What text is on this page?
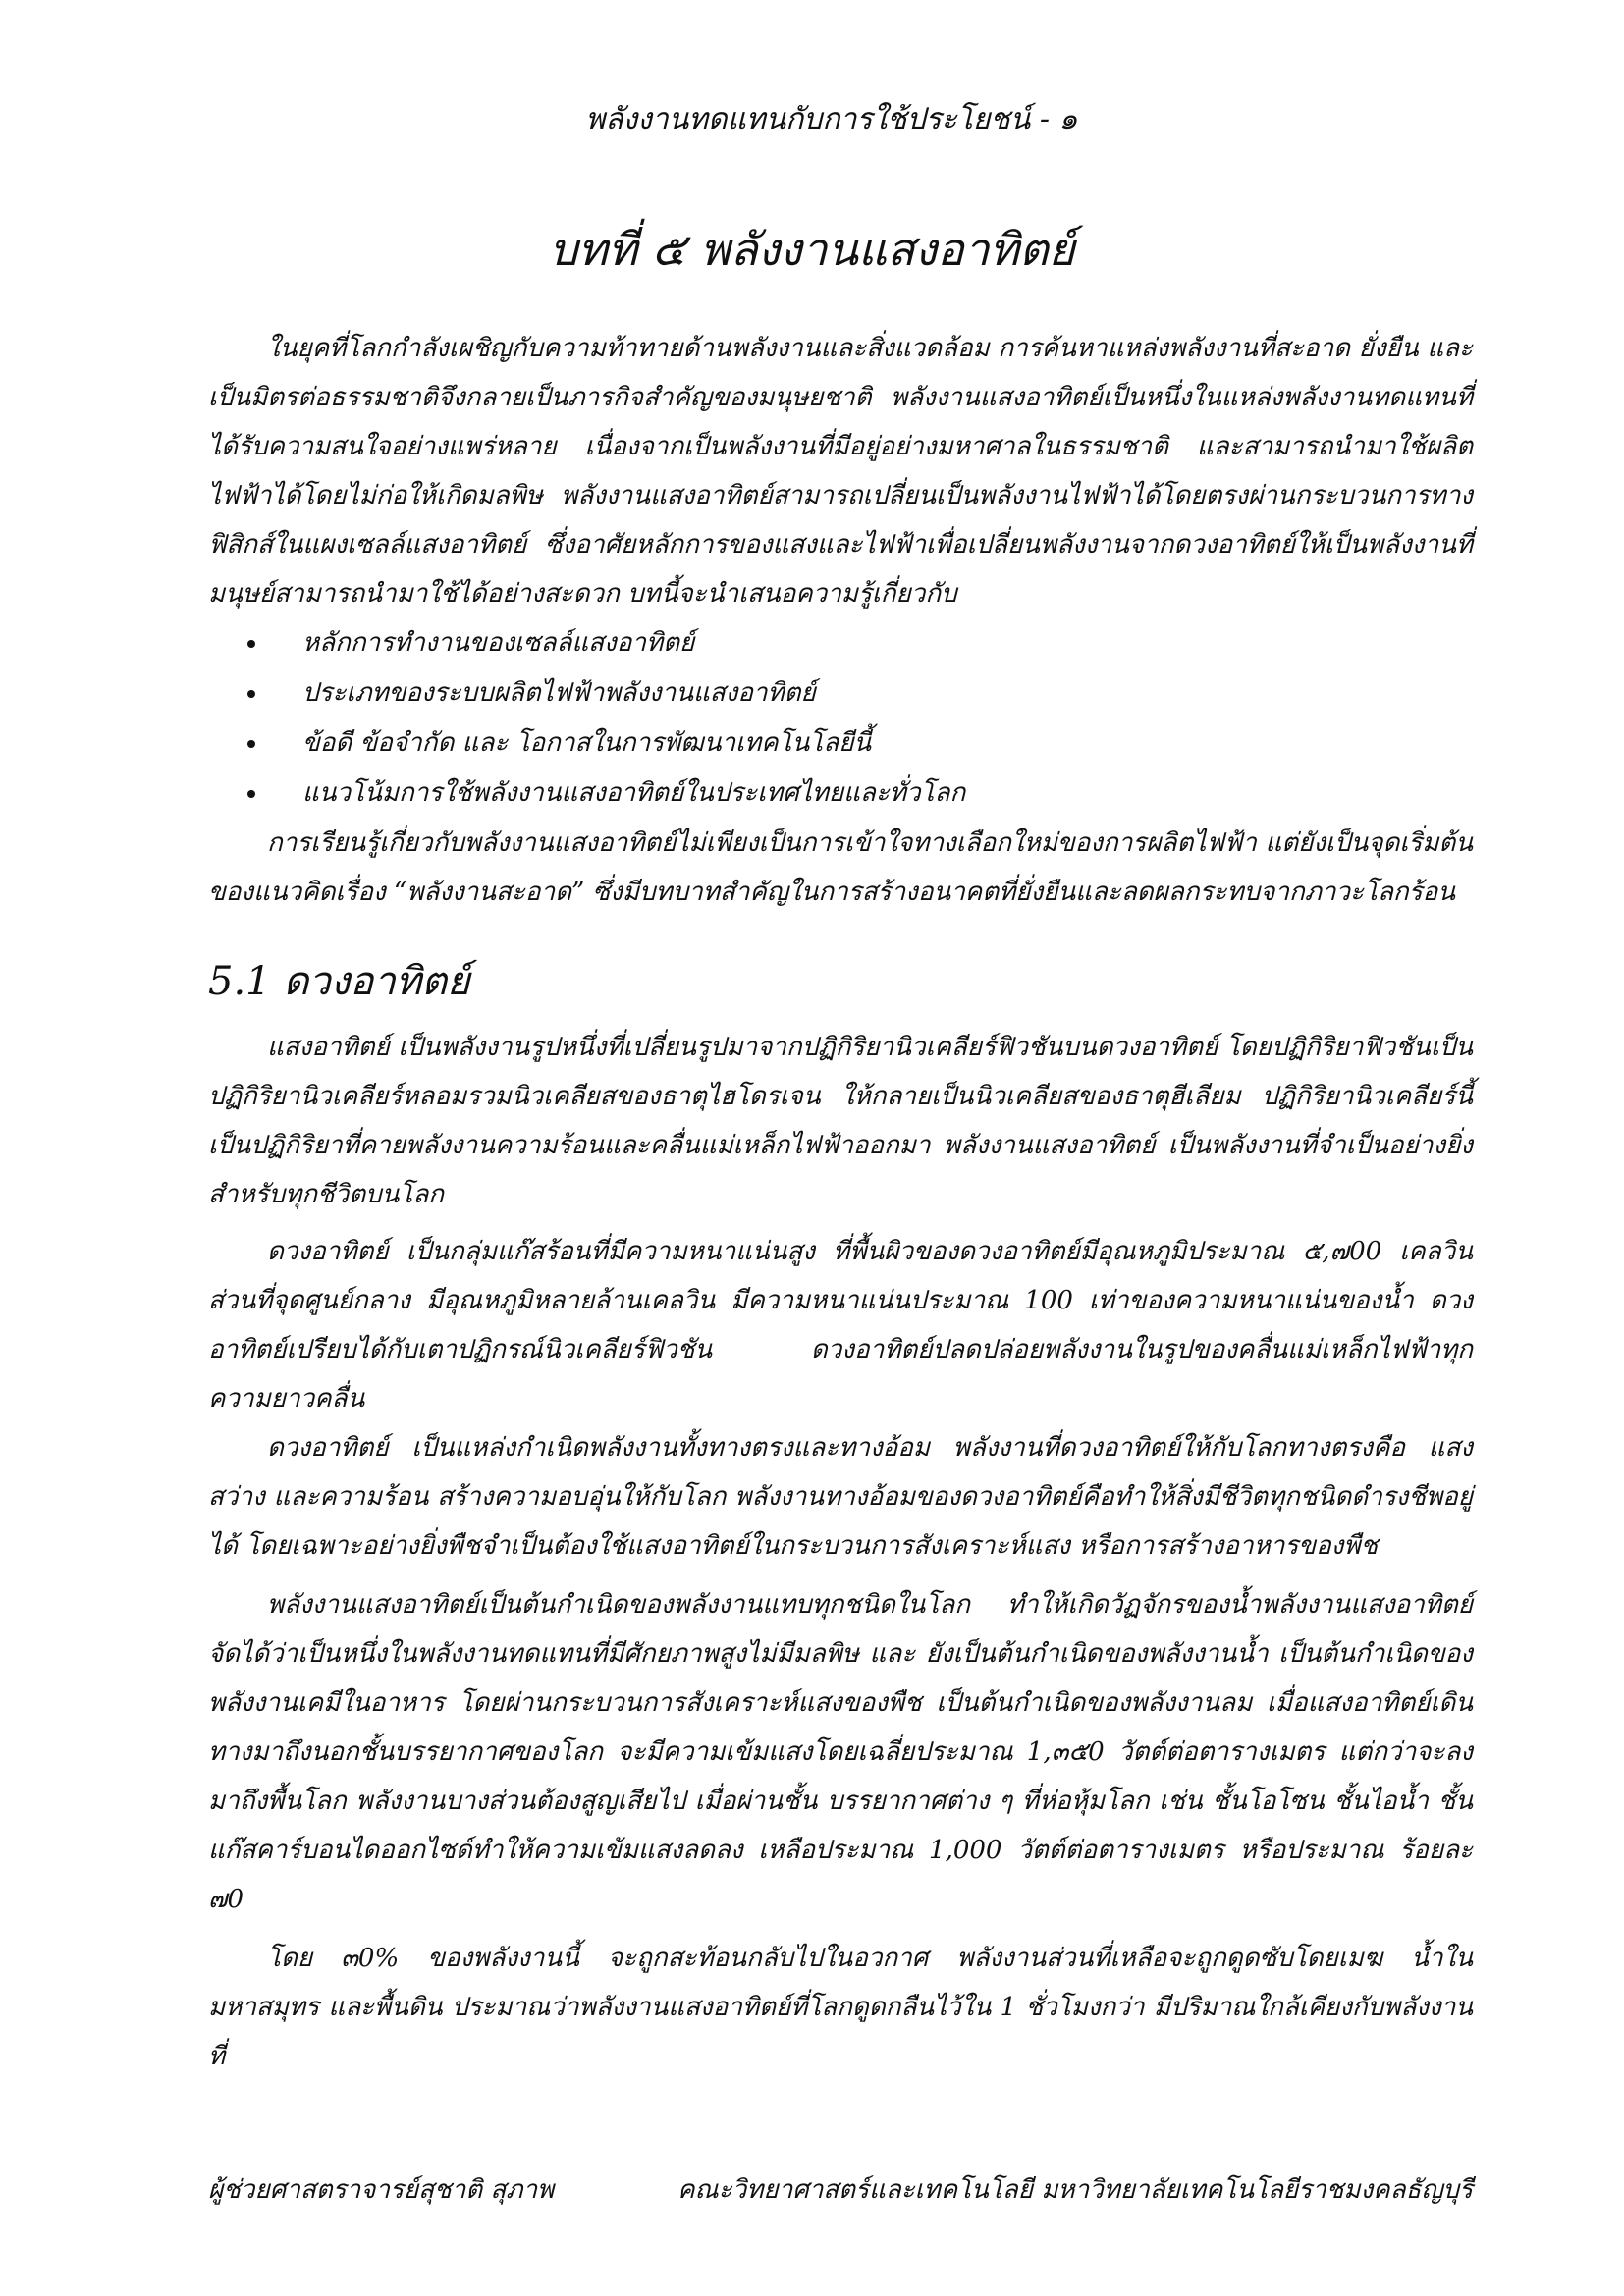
พลังงานทดแทนกับการใช้ประโยชน์ - ๑
บทที่ ๕ พลังงานแสงอาทิตย์

ในยุคที่โลกกำลังเผชิญกับความท้าทายด้านพลังงานและสิ่งแวดล้อม การค้นหาแหล่งพลังงานที่สะอาด ยั่งยืน และเป็นมิตรต่อธรรมชาติจึงกลายเป็นภารกิจสำคัญของมนุษยชาติ พลังงานแสงอาทิตย์เป็นหนึ่งในแหล่งพลังงานทดแทนที่ได้รับความสนใจอย่างแพร่หลาย เนื่องจากเป็นพลังงานที่มีอยู่อย่างมหาศาลในธรรมชาติ และสามารถนำมาใช้ผลิตไฟฟ้าได้โดยไม่ก่อให้เกิดมลพิษ พลังงานแสงอาทิตย์สามารถเปลี่ยนเป็นพลังงานไฟฟ้าได้โดยตรงผ่านกระบวนการทางฟิสิกส์ในแผงเซลล์แสงอาทิตย์ ซึ่งอาศัยหลักการของแสงและไฟฟ้าเพื่อเปลี่ยนพลังงานจากดวงอาทิตย์ให้เป็นพลังงานที่มนุษย์สามารถนำมาใช้ได้อย่างสะดวก บทนี้จะนำเสนอความรู้เกี่ยวกับ

หลักการทำงานของเซลล์แสงอาทิตย์
ประเภทของระบบผลิตไฟฟ้าพลังงานแสงอาทิตย์
ข้อดี ข้อจำกัด และ โอกาสในการพัฒนาเทคโนโลยีนี้
แนวโน้มการใช้พลังงานแสงอาทิตย์ในประเทศไทยและทั่วโลก

การเรียนรู้เกี่ยวกับพลังงานแสงอาทิตย์ไม่เพียงเป็นการเข้าใจทางเลือกใหม่ของการผลิตไฟฟ้า แต่ยังเป็นจุดเริ่มต้นของแนวคิดเรื่อง “พลังงานสะอาด” ซึ่งมีบทบาทสำคัญในการสร้างอนาคตที่ยั่งยืนและลดผลกระทบจากภาวะโลกร้อน

5.1 ดวงอาทิตย์

แสงอาทิตย์ เป็นพลังงานรูปหนึ่งที่เปลี่ยนรูปมาจากปฏิกิริยานิวเคลียร์ฟิวชันบนดวงอาทิตย์ โดยปฏิกิริยาฟิวชันเป็นปฏิกิริยานิวเคลียร์หลอมรวมนิวเคลียสของธาตุไฮโดรเจน ให้กลายเป็นนิวเคลียสของธาตุฮีเลียม ปฏิกิริยานิวเคลียร์นี้เป็นปฏิกิริยาที่คายพลังงานความร้อนและคลื่นแม่เหล็กไฟฟ้าออกมา พลังงานแสงอาทิตย์ เป็นพลังงานที่จำเป็นอย่างยิ่งสำหรับทุกชีวิตบนโลก

ดวงอาทิตย์ เป็นกลุ่มแก๊สร้อนที่มีความหนาแน่นสูง ที่พื้นผิวของดวงอาทิตย์มีอุณหภูมิประมาณ ๕,๗00 เคลวิน ส่วนที่จุดศูนย์กลาง มีอุณหภูมิหลายล้านเคลวิน มีความหนาแน่นประมาณ 100 เท่าของความหนาแน่นของน้ำ ดวงอาทิตย์เปรียบได้กับเตาปฏิกรณ์นิวเคลียร์ฟิวชัน ดวงอาทิตย์ปลดปล่อยพลังงานในรูปของคลื่นแม่เหล็กไฟฟ้าทุกความยาวคลื่น

ดวงอาทิตย์ เป็นแหล่งกำเนิดพลังงานทั้งทางตรงและทางอ้อม พลังงานที่ดวงอาทิตย์ให้กับโลกทางตรงคือ แสงสว่าง และความร้อน สร้างความอบอุ่นให้กับโลก พลังงานทางอ้อมของดวงอาทิตย์คือทำให้สิ่งมีชีวิตทุกชนิดดำรงชีพอยู่ได้ โดยเฉพาะอย่างยิ่งพืชจำเป็นต้องใช้แสงอาทิตย์ในกระบวนการสังเคราะห์แสง หรือการสร้างอาหารของพืช

พลังงานแสงอาทิตย์เป็นต้นกำเนิดของพลังงานแทบทุกชนิดในโลก ทำให้เกิดวัฏจักรของน้ำพลังงานแสงอาทิตย์จัดได้ว่าเป็นหนึ่งในพลังงานทดแทนที่มีศักยภาพสูงไม่มีมลพิษ และ ยังเป็นต้นกำเนิดของพลังงานน้ำ เป็นต้นกำเนิดของพลังงานเคมีในอาหาร โดยผ่านกระบวนการสังเคราะห์แสงของพืช เป็นต้นกำเนิดของพลังงานลม เมื่อแสงอาทิตย์เดินทางมาถึงนอกชั้นบรรยากาศของโลก จะมีความเข้มแสงโดยเฉลี่ยประมาณ 1,๓๕0 วัตต์ต่อตารางเมตร แต่กว่าจะลงมาถึงพื้นโลก พลังงานบางส่วนต้องสูญเสียไป เมื่อผ่านชั้น บรรยากาศต่าง ๆ ที่ห่อหุ้มโลก เช่น ชั้นโอโซน ชั้นไอน้ำ ชั้นแก๊สคาร์บอนไดออกไซด์ทำให้ความเข้มแสงลดลง เหลือประมาณ 1,000 วัตต์ต่อตารางเมตร หรือประมาณ ร้อยละ ๗0

โดย ๓0% ของพลังงานนี้ จะถูกสะท้อนกลับไปในอวกาศ พลังงานส่วนที่เหลือจะถูกดูดซับโดยเมฆ น้ำในมหาสมุทร และพื้นดิน ประมาณว่าพลังงานแสงอาทิตย์ที่โลกดูดกลืนไว้ใน 1 ชั่วโมงกว่า มีปริมาณใกล้เคียงกับพลังงานที่

ผู้ช่วยศาสตราจารย์สุชาติ สุภาพ	คณะวิทยาศาสตร์และเทคโนโลยี มหาวิทยาลัยเทคโนโลยีราชมงคลธัญบุรี
